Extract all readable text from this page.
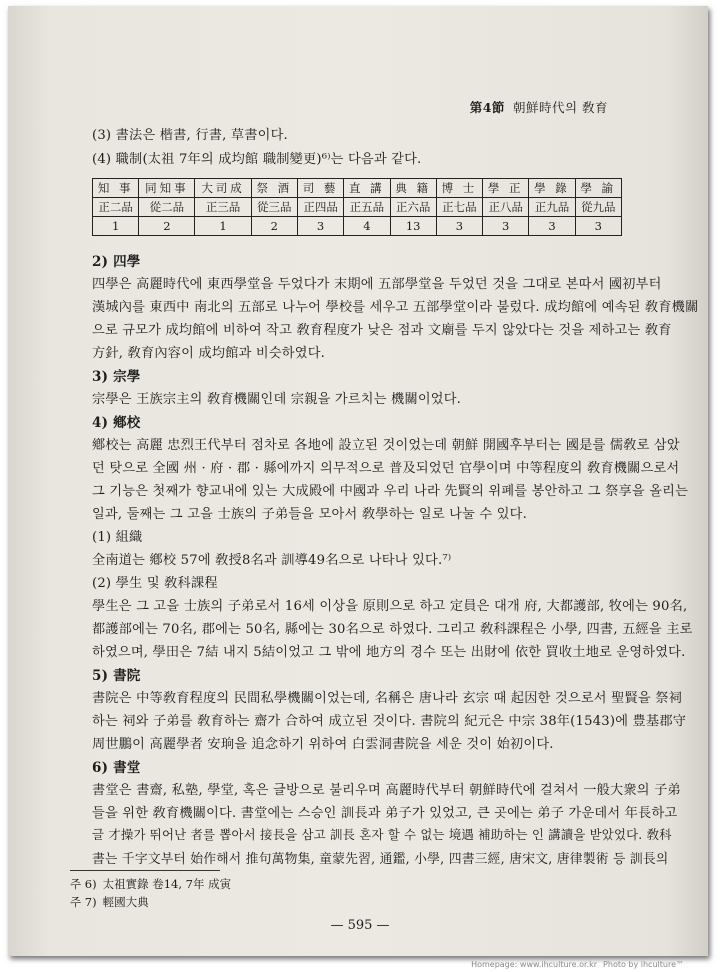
第4節 朝鮮時代의 敎育
(3) 書法은 楷書, 行書, 草書이다.
(4) 職制(太祖 7年의 成均館 職制變更)⁶⁾는 다음과 같다.
知 事	同知事	大司成	祭 酒	司 藝	直 講	典 籍	博 士	學 正	學 錄	學 諭
正二品	從二品	正三品	從三品	正四品	正五品	正六品	正七品	正八品	正九品	從九品
1	2	1	2	3	4	13	3	3	3	3
2) 四學
四學은 高麗時代에 東西學堂을 두었다가 末期에 五部學堂을 두었던 것을 그대로 본따서 國初부터
漢城內를 東西中 南北의 五部로 나누어 學校를 세우고 五部學堂이라 불렀다. 成均館에 예속된 敎育機關
으로 규모가 成均館에 비하여 작고 敎育程度가 낮은 점과 文廟를 두지 않았다는 것을 제하고는 敎育
方針, 敎育內容이 成均館과 비슷하였다.
3) 宗學
宗學은 王族宗主의 敎育機關인데 宗親을 가르치는 機關이었다.
4) 鄕校
鄕校는 高麗 忠烈王代부터 점차로 各地에 設立된 것이었는데 朝鮮 開國후부터는 國是를 儒敎로 삼았
던 탓으로 全國 州 · 府 · 郡 · 縣에까지 의무적으로 普及되었던 官學이며 中等程度의 敎育機關으로서
그 기능은 첫째가 향교내에 있는 大成殿에 中國과 우리 나라 先賢의 위폐를 봉안하고 그 祭享을 올리는
일과, 둘째는 그 고을 士族의 子弟들을 모아서 敎學하는 일로 나눌 수 있다.
(1) 組織
全南道는 鄕校 57에 敎授8名과 訓導49名으로 나타나 있다.⁷⁾
(2) 學生 및 敎科課程
學生은 그 고을 士族의 子弟로서 16세 이상을 原則으로 하고 定員은 대개 府, 大都護部, 牧에는 90名,
都護部에는 70名, 郡에는 50名, 縣에는 30名으로 하였다. 그리고 敎科課程은 小學, 四書, 五經을 主로
하였으며, 學田은 7結 내지 5結이었고 그 밖에 地方의 경수 또는 出財에 依한 買收土地로 운영하였다.
5) 書院
書院은 中等敎育程度의 民間私學機關이었는데, 名稱은 唐나라 玄宗 때 起因한 것으로서 聖賢을 祭祠
하는 祠와 子弟를 敎育하는 齋가 合하여 成立된 것이다. 書院의 紀元은 中宗 38年(1543)에 豊基郡守
周世鵬이 高麗學者 安珦을 追念하기 위하여 白雲洞書院을 세운 것이 始初이다.
6) 書堂
書堂은 書齋, 私塾, 學堂, 혹은 글방으로 불리우며 高麗時代부터 朝鮮時代에 걸쳐서 一般大衆의 子弟
들을 위한 敎育機關이다. 書堂에는 스승인 訓長과 弟子가 있었고, 큰 곳에는 弟子 가운데서 年長하고
글 才操가 뛰어난 者를 뽑아서 接長을 삼고 訓長 혼자 할 수 없는 境遇 補助하는 인 講讀을 받았었다. 敎科
書는 千字文부터 始作해서 推句萬物集, 童蒙先習, 通鑑, 小學, 四書三經, 唐宋文, 唐律製術 등 訓長의
주 6) 太祖實錄 卷14, 7年 成寅
주 7) 輕國大典
— 595 —
Homepage: www.ihculture.or.kr Photo by ihculture™
